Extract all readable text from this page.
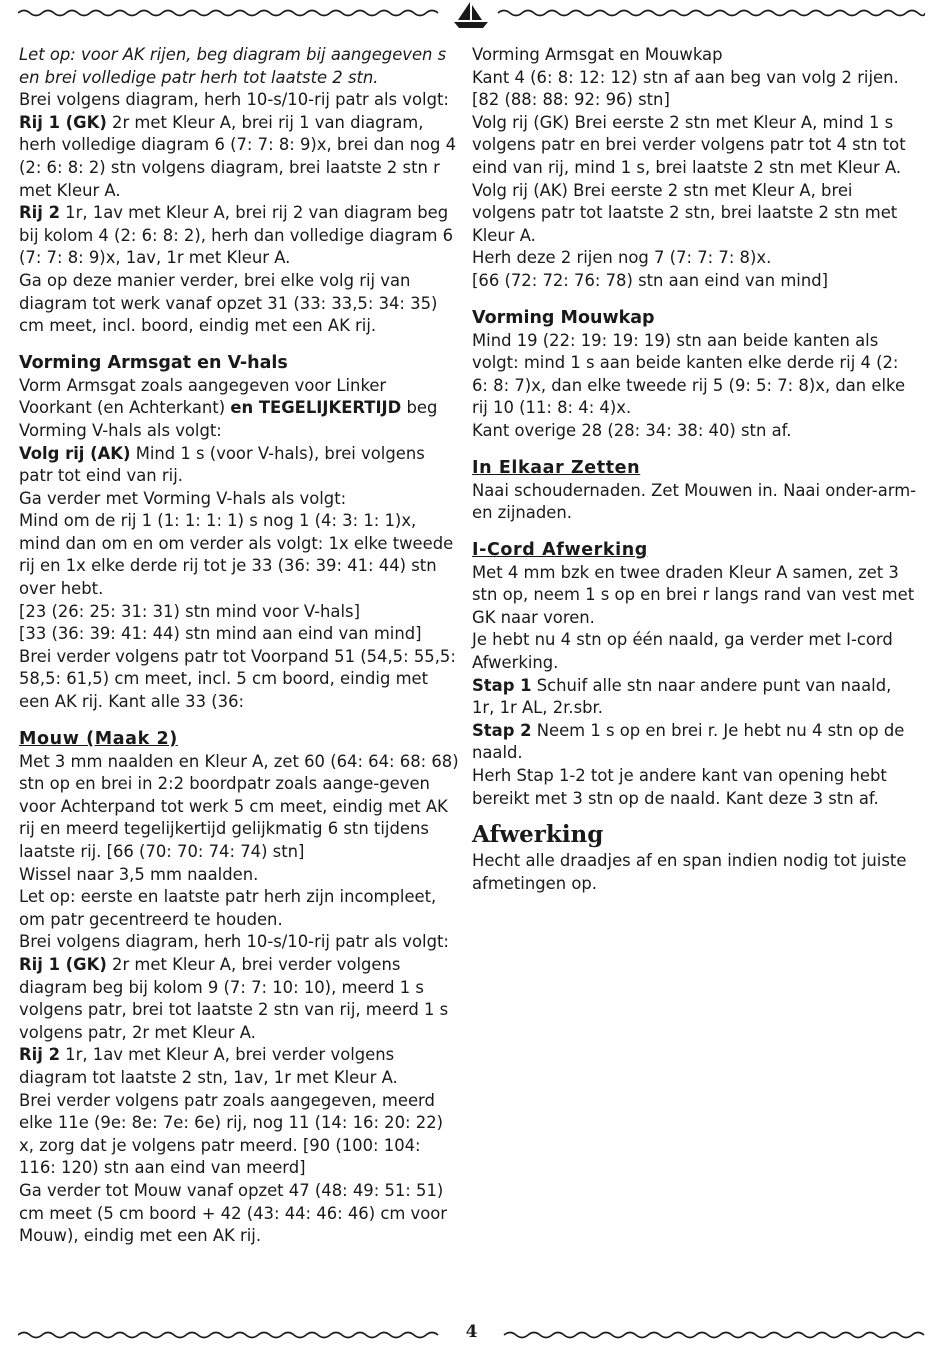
Let op: voor AK rijen, beg diagram bij aangegeven s en brei volledige patr herh tot laatste 2 stn.

Brei volgens diagram, herh 10-s/10-rij patr als volgt:

Rij 1 (GK) 2r met Kleur A, brei rij 1 van diagram, herh volledige diagram 6 (7: 7: 8: 9)x, brei dan nog 4 (2: 6: 8: 2) stn volgens diagram, brei laatste 2 stn r met Kleur A.

Rij 2 1r, 1av met Kleur A, brei rij 2 van diagram beg bij kolom 4 (2: 6: 8: 2), herh dan volledige diagram 6 (7: 7: 8: 9)x, 1av, 1r met Kleur A.

Ga op deze manier verder, brei elke volg rij van diagram tot werk vanaf opzet 31 (33: 33,5: 34: 35) cm meet, incl. boord, eindig met een AK rij.

Vorming Armsgat en V-hals

Vorm Armsgat zoals aangegeven voor Linker Voorkant (en Achterkant) en TEGELIJKERTIJD beg Vorming V-hals als volgt:

Volg rij (AK) Mind 1 s (voor V-hals), brei volgens patr tot eind van rij.

Ga verder met Vorming V-hals als volgt:

Mind om de rij 1 (1: 1: 1: 1) s nog 1 (4: 3: 1: 1)x, mind dan om en om verder als volgt: 1x elke tweede rij en 1x elke derde rij tot je 33 (36: 39: 41: 44) stn over hebt.

[23 (26: 25: 31: 31) stn mind voor V-hals]

[33 (36: 39: 41: 44) stn mind aan eind van mind]

Brei verder volgens patr tot Voorpand 51 (54,5: 55,5: 58,5: 61,5) cm meet, incl. 5 cm boord, eindig met een AK rij. Kant alle 33 (36:

Mouw (Maak 2)

Met 3 mm naalden en Kleur A, zet 60 (64: 64: 68: 68) stn op en brei in 2:2 boordpatr zoals aange-geven voor Achterpand tot werk 5 cm meet, eindig met AK rij en meerd tegelijkertijd gelijkmatig 6 stn tijdens laatste rij. [66 (70: 70: 74: 74) stn]

Wissel naar 3,5 mm naalden.

Let op: eerste en laatste patr herh zijn incompleet, om patr gecentreerd te houden.

Brei volgens diagram, herh 10-s/10-rij patr als volgt:

Rij 1 (GK) 2r met Kleur A, brei verder volgens diagram beg bij kolom 9 (7: 7: 10: 10), meerd 1 s volgens patr, brei tot laatste 2 stn van rij, meerd 1 s volgens patr, 2r met Kleur A.

Rij 2 1r, 1av met Kleur A, brei verder volgens diagram tot laatste 2 stn, 1av, 1r met Kleur A.

Brei verder volgens patr zoals aangegeven, meerd elke 11e (9e: 8e: 7e: 6e) rij, nog 11 (14: 16: 20: 22) x, zorg dat je volgens patr meerd. [90 (100: 104: 116: 120) stn aan eind van meerd]

Ga verder tot Mouw vanaf opzet 47 (48: 49: 51: 51) cm meet (5 cm boord + 42 (43: 44: 46: 46) cm voor Mouw), eindig met een AK rij.

Vorming Armsgat en Mouwkap

Kant 4 (6: 8: 12: 12) stn af aan beg van volg 2 rijen. [82 (88: 88: 92: 96) stn]

Volg rij (GK) Brei eerste 2 stn met Kleur A, mind 1 s volgens patr en brei verder volgens patr tot 4 stn tot eind van rij, mind 1 s, brei laatste 2 stn met Kleur A.

Volg rij (AK) Brei eerste 2 stn met Kleur A, brei volgens patr tot laatste 2 stn, brei laatste 2 stn met Kleur A.

Herh deze 2 rijen nog 7 (7: 7: 7: 8)x.

[66 (72: 72: 76: 78) stn aan eind van mind]

Vorming Mouwkap

Mind 19 (22: 19: 19: 19) stn aan beide kanten als volgt: mind 1 s aan beide kanten elke derde rij 4 (2: 6: 8: 7)x, dan elke tweede rij 5 (9: 5: 7: 8)x, dan elke rij 10 (11: 8: 4: 4)x.

Kant overige 28 (28: 34: 38: 40) stn af.

In Elkaar Zetten

Naai schoudernaden. Zet Mouwen in. Naai onder-arm- en zijnaden.

I-Cord Afwerking

Met 4 mm bzk en twee draden Kleur A samen, zet 3 stn op, neem 1 s op en brei r langs rand van vest met GK naar voren.

Je hebt nu 4 stn op één naald, ga verder met I-cord Afwerking.

Stap 1 Schuif alle stn naar andere punt van naald, 1r, 1r AL, 2r.sbr.

Stap 2 Neem 1 s op en brei r. Je hebt nu 4 stn op de naald.

Herh Stap 1-2 tot je andere kant van opening hebt bereikt met 3 stn op de naald. Kant deze 3 stn af.

Afwerking

Hecht alle draadjes af en span indien nodig tot juiste afmetingen op.

4
